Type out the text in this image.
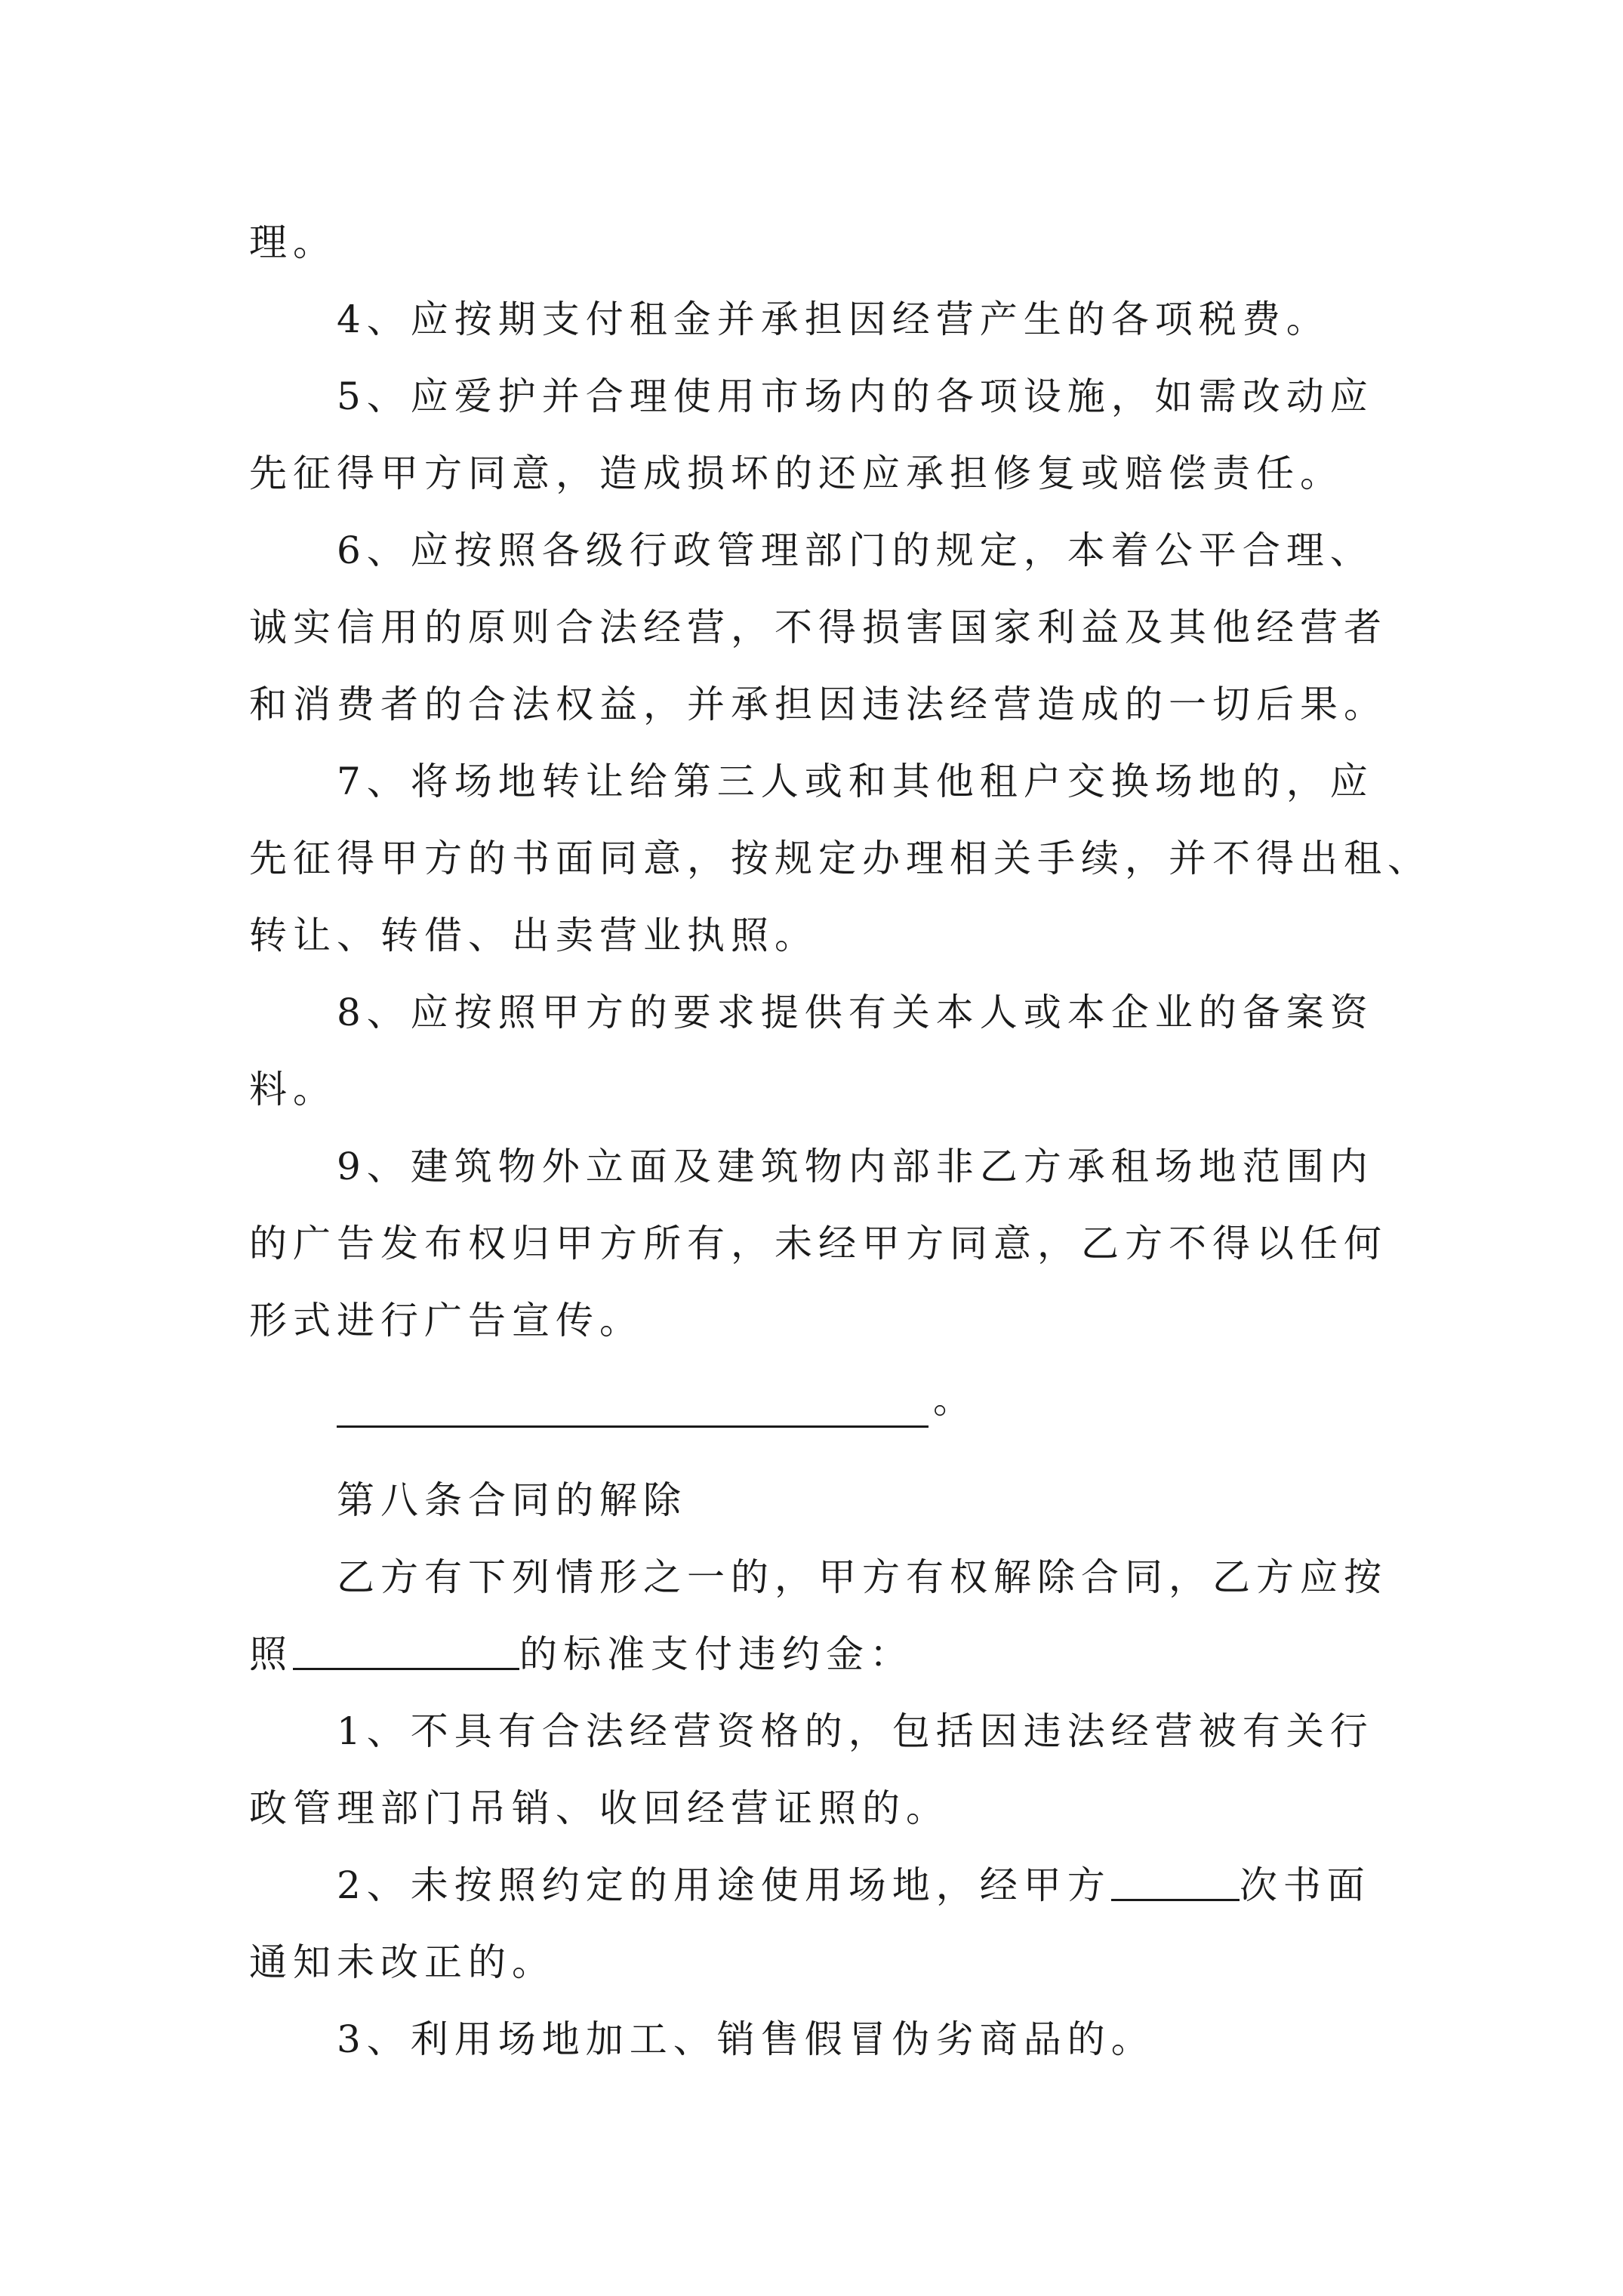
理。

4、应按期支付租金并承担因经营产生的各项税费。

5、应爱护并合理使用市场内的各项设施，如需改动应

先征得甲方同意，造成损坏的还应承担修复或赔偿责任。

6、应按照各级行政管理部门的规定，本着公平合理、

诚实信用的原则合法经营，不得损害国家利益及其他经营者

和消费者的合法权益，并承担因违法经营造成的一切后果。

7、将场地转让给第三人或和其他租户交换场地的，应

先征得甲方的书面同意，按规定办理相关手续，并不得出租、

转让、转借、出卖营业执照。

8、应按照甲方的要求提供有关本人或本企业的备案资

料。

9、建筑物外立面及建筑物内部非乙方承租场地范围内

的广告发布权归甲方所有，未经甲方同意，乙方不得以任何

形式进行广告宣传。

。

第八条合同的解除

乙方有下列情形之一的，甲方有权解除合同，乙方应按

照	的标准支付违约金：

1、不具有合法经营资格的，包括因违法经营被有关行

政管理部门吊销、收回经营证照的。

2、未按照约定的用途使用场地，经甲方	次书面

通知未改正的。

3、利用场地加工、销售假冒伪劣商品的。
